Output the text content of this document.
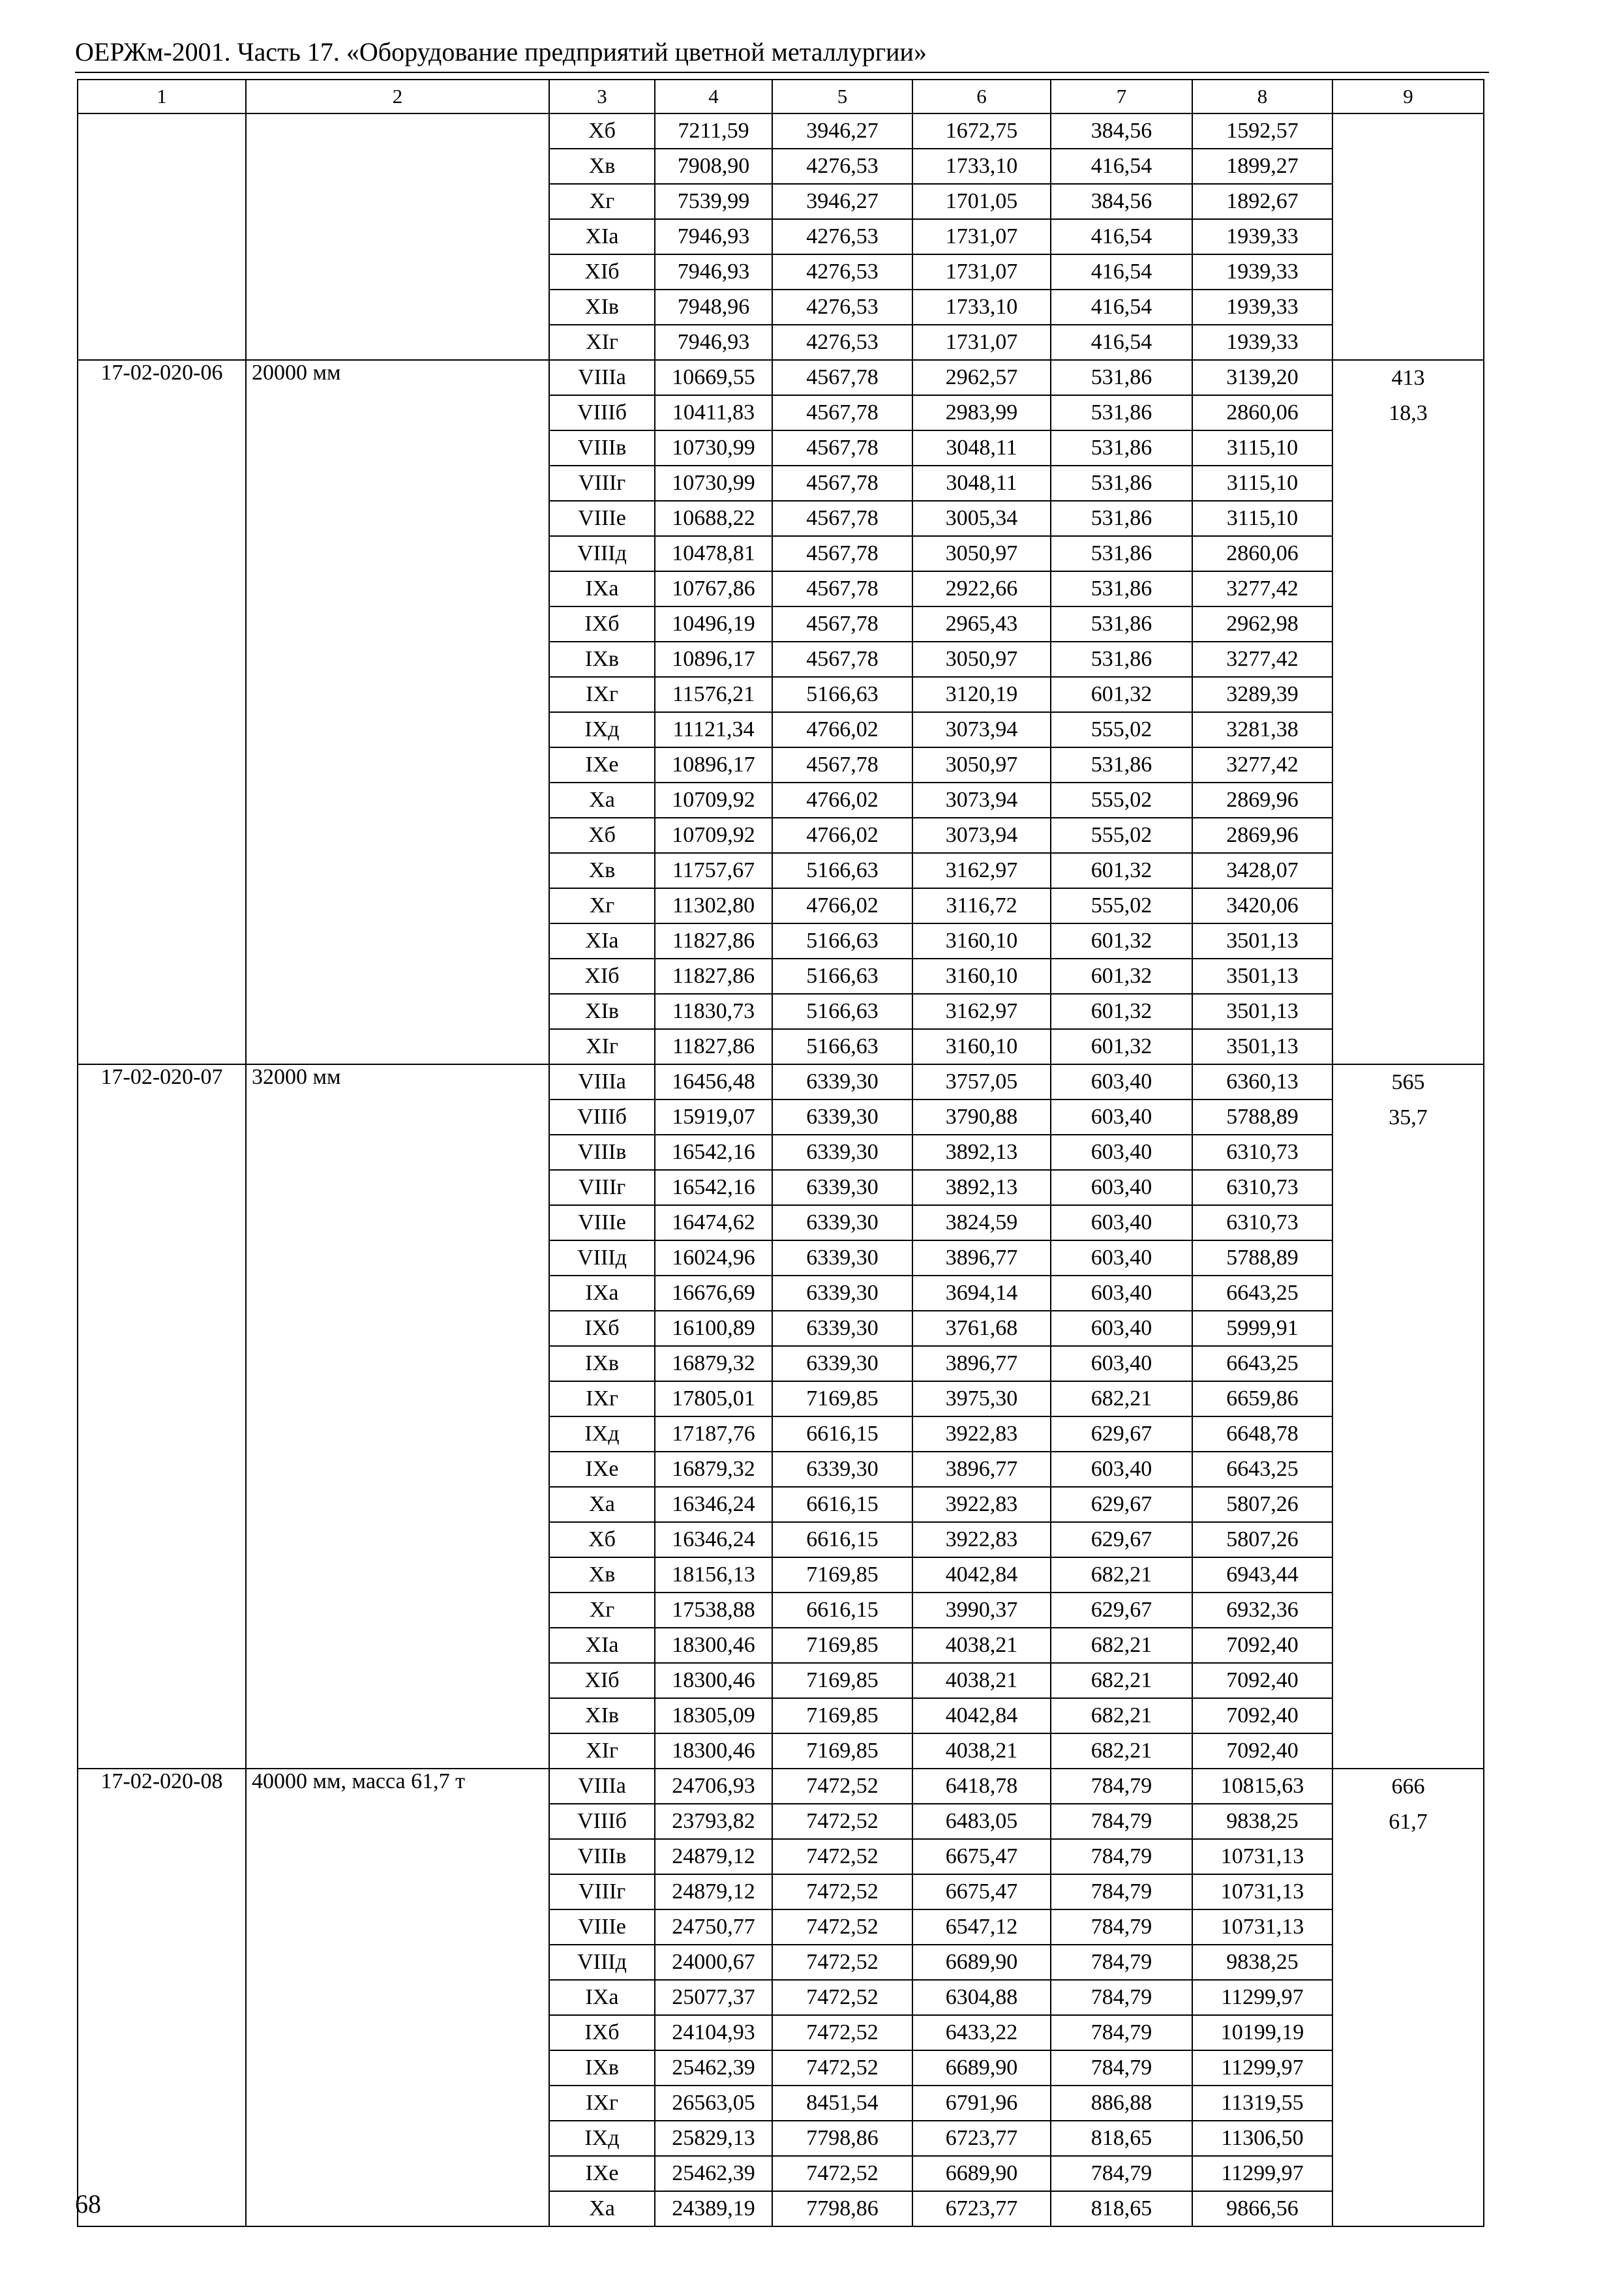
ОЕРЖм-2001. Часть 17. «Оборудование предприятий цветной металлургии»
1	2	3	4	5	6	7	8	9
		Хб	7211,59	3946,27	1672,75	384,56	1592,57	
		Хв	7908,90	4276,53	1733,10	416,54	1899,27	
		Хг	7539,99	3946,27	1701,05	384,56	1892,67	
		ХIа	7946,93	4276,53	1731,07	416,54	1939,33	
		ХIб	7946,93	4276,53	1731,07	416,54	1939,33	
		ХIв	7948,96	4276,53	1733,10	416,54	1939,33	
		ХIг	7946,93	4276,53	1731,07	416,54	1939,33	
17-02-020-06	20000 мм	VIIIа	10669,55	4567,78	2962,57	531,86	3139,20	413
18,3

		VIIIб	10411,83	4567,78	2983,99	531,86	2860,06	
		VIIIв	10730,99	4567,78	3048,11	531,86	3115,10	
		VIIIг	10730,99	4567,78	3048,11	531,86	3115,10	
		VIIIе	10688,22	4567,78	3005,34	531,86	3115,10	
		VIIIд	10478,81	4567,78	3050,97	531,86	2860,06	
		IХа	10767,86	4567,78	2922,66	531,86	3277,42	
		IХб	10496,19	4567,78	2965,43	531,86	2962,98	
		IХв	10896,17	4567,78	3050,97	531,86	3277,42	
		IХг	11576,21	5166,63	3120,19	601,32	3289,39	
		IХд	11121,34	4766,02	3073,94	555,02	3281,38	
		IХе	10896,17	4567,78	3050,97	531,86	3277,42	
		Ха	10709,92	4766,02	3073,94	555,02	2869,96	
		Хб	10709,92	4766,02	3073,94	555,02	2869,96	
		Хв	11757,67	5166,63	3162,97	601,32	3428,07	
		Хг	11302,80	4766,02	3116,72	555,02	3420,06	
		ХIа	11827,86	5166,63	3160,10	601,32	3501,13	
		ХIб	11827,86	5166,63	3160,10	601,32	3501,13	
		ХIв	11830,73	5166,63	3162,97	601,32	3501,13	
		ХIг	11827,86	5166,63	3160,10	601,32	3501,13	
17-02-020-07	32000 мм	VIIIа	16456,48	6339,30	3757,05	603,40	6360,13	565
35,7

		VIIIб	15919,07	6339,30	3790,88	603,40	5788,89	
		VIIIв	16542,16	6339,30	3892,13	603,40	6310,73	
		VIIIг	16542,16	6339,30	3892,13	603,40	6310,73	
		VIIIе	16474,62	6339,30	3824,59	603,40	6310,73	
		VIIIд	16024,96	6339,30	3896,77	603,40	5788,89	
		IХа	16676,69	6339,30	3694,14	603,40	6643,25	
		IХб	16100,89	6339,30	3761,68	603,40	5999,91	
		IХв	16879,32	6339,30	3896,77	603,40	6643,25	
		IХг	17805,01	7169,85	3975,30	682,21	6659,86	
		IХд	17187,76	6616,15	3922,83	629,67	6648,78	
		IХе	16879,32	6339,30	3896,77	603,40	6643,25	
		Ха	16346,24	6616,15	3922,83	629,67	5807,26	
		Хб	16346,24	6616,15	3922,83	629,67	5807,26	
		Хв	18156,13	7169,85	4042,84	682,21	6943,44	
		Хг	17538,88	6616,15	3990,37	629,67	6932,36	
		ХIа	18300,46	7169,85	4038,21	682,21	7092,40	
		ХIб	18300,46	7169,85	4038,21	682,21	7092,40	
		ХIв	18305,09	7169,85	4042,84	682,21	7092,40	
		ХIг	18300,46	7169,85	4038,21	682,21	7092,40	
17-02-020-08	40000 мм, масса 61,7 т	VIIIа	24706,93	7472,52	6418,78	784,79	10815,63	666
61,7

		VIIIб	23793,82	7472,52	6483,05	784,79	9838,25	
		VIIIв	24879,12	7472,52	6675,47	784,79	10731,13	
		VIIIг	24879,12	7472,52	6675,47	784,79	10731,13	
		VIIIе	24750,77	7472,52	6547,12	784,79	10731,13	
		VIIIд	24000,67	7472,52	6689,90	784,79	9838,25	
		IХа	25077,37	7472,52	6304,88	784,79	11299,97	
		IХб	24104,93	7472,52	6433,22	784,79	10199,19	
		IХв	25462,39	7472,52	6689,90	784,79	11299,97	
		IХг	26563,05	8451,54	6791,96	886,88	11319,55	
		IХд	25829,13	7798,86	6723,77	818,65	11306,50	
		IХе	25462,39	7472,52	6689,90	784,79	11299,97	
		Ха	24389,19	7798,86	6723,77	818,65	9866,56	
68
